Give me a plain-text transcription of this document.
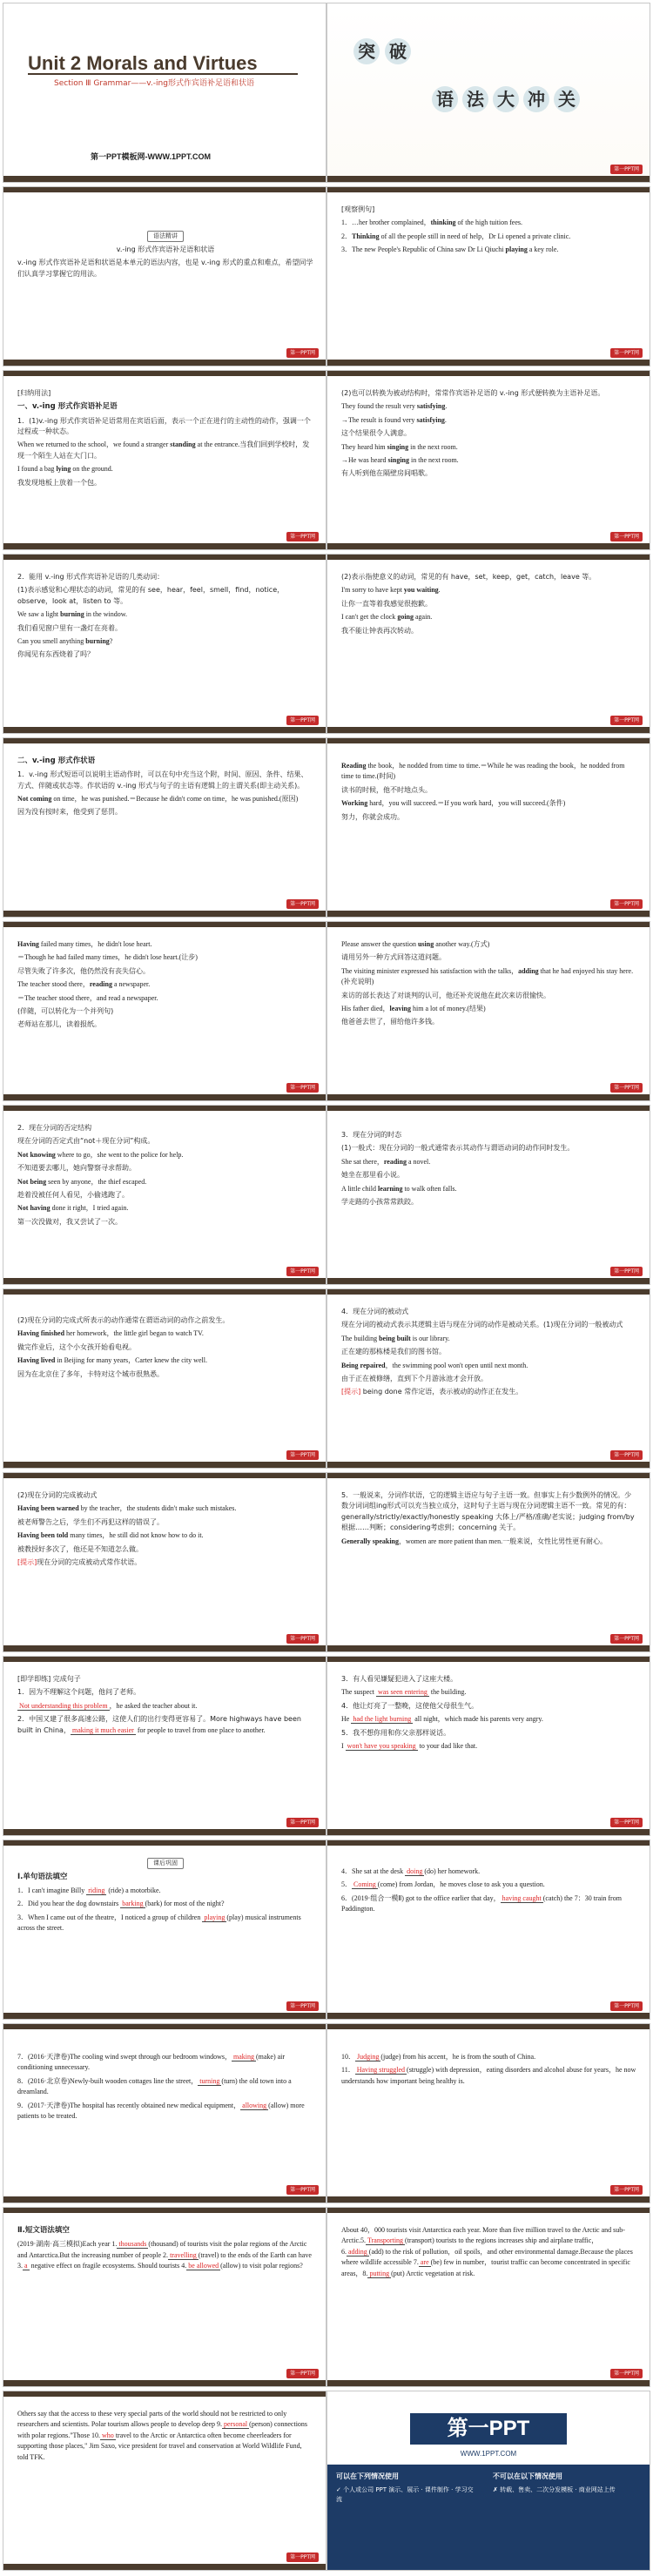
Unit 2 Morals and Virtues
Section Ⅲ Grammar——v.-ing形式作宾语补足语和状语
第一PPT模板网-WWW.1PPT.COM
突 破
语 法 大 冲 关
第一PPT网

语法精讲

v.-ing 形式作宾语补足语和状语

v.-ing 形式作宾语补足语和状语是本单元的语法内容，也是 v.-ing 形式的重点和难点，希望同学们认真学习掌握它的用法。

第一PPT网

[观察例句]

1．…her brother complained，thinking of the high tuition fees.

2．Thinking of all the people still in need of help，Dr Li opened a private clinic.

3．The new People's Republic of China saw Dr Li Qiuchi playing a key role.

第一PPT网

[归纳用法]

一、v.-ing 形式作宾语补足语

1．(1)v.-ing 形式作宾语补足语常用在宾语后面，表示一个正在进行的主动性的动作，强调一个过程或一种状态。

When we returned to the school，we found a stranger standing at the entrance.当我们回到学校时，发现一个陌生人站在大门口。

I found a bag lying on the ground.

我发现地板上放着一个包。

第一PPT网

(2)也可以转换为被动结构时，常常作宾语补足语的 v.-ing 形式便转换为主语补足语。

They found the result very satisfying.

→The result is found very satisfying.

这个结果很令人满意。

They heard him singing in the next room.

→He was heard singing in the next room.

有人听到他在隔壁房间唱歌。

第一PPT网

2．能用 v.-ing 形式作宾语补足语的几类动词：

(1)表示感觉和心理状态的动词，常见的有 see，hear，feel，smell，find，notice，observe，look at，listen to 等。

We saw a light burning in the window.

我们看见窗户里有一盏灯在亮着。

Can you smell anything burning?

你闻见有东西烧着了吗？

第一PPT网

(2)表示指使意义的动词，常见的有 have，set，keep，get，catch，leave 等。

I'm sorry to have kept you waiting.

让你一直等着我感觉很抱歉。

I can't get the clock going again.

我不能让钟表再次转动。

第一PPT网

二、v.-ing 形式作状语

1．v.-ing 形式短语可以说明主语动作时，可以在句中充当这个附，时间、原因、条件、结果、方式、伴随或状态等。作状语的 v.-ing 形式与句子的主语有逻辑上的主谓关系(即主动关系)。

Not coming on time，he was punished.＝Because he didn't come on time，he was punished.(原因)

因为没有按时来，他受到了惩罚。

第一PPT网

Reading the book，he nodded from time to time.＝While he was reading the book，he nodded from time to time.(时间)

读书的时候，他不时地点头。

Working hard，you will succeed.＝If you work hard，you will succeed.(条件)

努力，你就会成功。

第一PPT网

Having failed many times，he didn't lose heart.

＝Though he had failed many times，he didn't lose heart.(让步)

尽管失败了许多次，他仍然没有丧失信心。

The teacher stood there，reading a newspaper.

＝The teacher stood there，and read a newspaper.

(伴随，可以转化为一个并列句)

老师站在那儿，读着报纸。

第一PPT网

Please answer the question using another way.(方式)

请用另外一种方式回答这道问题。

The visiting minister expressed his satisfaction with the talks，adding that he had enjoyed his stay here.(补充说明)

来访的部长表达了对谈判的认可，他还补充说他在此次来访很愉快。

His father died，leaving him a lot of money.(结果)

他爸爸去世了，留给他许多钱。

第一PPT网

2．现在分词的否定结构

现在分词的否定式由“not＋现在分词”构成。

Not knowing where to go，she went to the police for help.

不知道要去哪儿，她向警察寻求帮助。

Not being seen by anyone，the thief escaped.

趁着没被任何人看见，小偷逃跑了。

Not having done it right，I tried again.

第一次没做对，我又尝试了一次。

第一PPT网

3．现在分词的时态

(1)一般式：现在分词的一般式通常表示其动作与谓语动词的动作同时发生。

She sat there，reading a novel.

她坐在那里看小说。

A little child learning to walk often falls.

学走路的小孩常常跌跤。

第一PPT网

(2)现在分词的完成式所表示的动作通常在谓语动词的动作之前发生。

Having finished her homework，the little girl began to watch TV.

做完作业后，这个小女孩开始看电视。

Having lived in Beijing for many years，Carter knew the city well.

因为在北京住了多年，卡特对这个城市很熟悉。

第一PPT网

4．现在分词的被动式

现在分词的被动式表示其逻辑主语与现在分词的动作是被动关系。(1)现在分词的一般被动式

The building being built is our library.

正在建的那栋楼是我们的图书馆。

Being repaired，the swimming pool won't open until next month.

由于正在被修缮，直到下个月游泳池才会开放。

[提示] being done 常作定语，表示被动的动作正在发生。

第一PPT网

(2)现在分词的完成被动式

Having been warned by the teacher，the students didn't make such mistakes.

被老师警告之后，学生们不再犯这样的错误了。

Having been told many times，he still did not know how to do it.

被教授好多次了，他还是不知道怎么做。

[提示]现在分词的完成被动式常作状语。

第一PPT网

5．一般说来，分词作状语，它的逻辑主语应与句子主语一致。但事实上有少数例外的情况。少数分词词组ing形式可以充当独立成分，这时句子主语与现在分词逻辑主语不一致。常见的有：generally/strictly/exactly/honestly speaking 大体上/严格/准确/老实说；judging from/by根据……判断；considering考虑到；concerning 关于。

Generally speaking，women are more patient than men.一般来说，女性比男性更有耐心。

第一PPT网

[即学即练] 完成句子

1．因为不理解这个问题，他问了老师。

Not understanding this problem ，he asked the teacher about it.

2．中国又建了很多高速公路，这使人们的出行变得更容易了。More highways have been built in China， making it much easier for people to travel from one place to another.

第一PPT网

3．有人看见嫌疑犯进入了这座大楼。

The suspect was seen entering the building.

4．他让灯亮了一整晚，这使他父母很生气。

He had the light burning all night，which made his parents very angry.

5．我不想你用和你父亲那样说话。

I won't have you speaking to your dad like that.

第一PPT网

课后巩固

Ⅰ.单句语法填空

1．I can't imagine Billy riding (ride) a motorbike.

2．Did you hear the dog downstairs barking (bark) for most of the night?

3．When I came out of the theatre，I noticed a group of children playing (play) musical instruments across the street.

第一PPT网

4．She sat at the desk doing (do) her homework.

5． Coming (come) from Jordan，he moves close to ask you a question.

6．(2019·组合一模Ⅱ) got to the office earlier that day， having caught (catch) the 7：30 train from Paddington.

第一PPT网

7．(2016·天津卷)The cooling wind swept through our bedroom windows， making (make) air conditioning unnecessary.

8．(2016·北京卷)Newly-built wooden cottages line the street， turning (turn) the old town into a dreamland.

9．(2017·天津卷)The hospital has recently obtained new medical equipment， allowing (allow) more patients to be treated.

第一PPT网

10． Judging (judge) from his accent，he is from the south of China.

11． Having struggled (struggle) with depression，eating disorders and alcohol abuse for years，he now understands how important being healthy is.

第一PPT网

Ⅱ.短文语法填空

(2019·湖南·高三模拟)Each year 1. thousands (thousand) of tourists visit the polar regions of the Arctic and Antarctica.But the increasing number of people 2. travelling (travel) to the ends of the Earth can have 3. a negative effect on fragile ecosystems. Should tourists 4. be allowed (allow) to visit polar regions?

第一PPT网

About 40，000 tourists visit Antarctica each year. More than five million travel to the Arctic and sub-Arctic.5. Transporting (transport) tourists to the regions increases ship and airplane traffic，6. adding (add) to the risk of pollution，oil spoils，and other environmental damage.Because the places where wildlife accessible 7. are (be) few in number，tourist traffic can become concentrated in specific areas，8. putting (put) Arctic vegetation at risk.

第一PPT网

Others say that the access to these very special parts of the world should not be restricted to only researchers and scientists. Polar tourism allows people to develop deep 9. personal (person) connections with polar regions."Those 10. who travel to the Arctic or Antarctica often become cheerleaders for supporting those places," Jim Saxo, vice president for travel and conservation at World Wildlife Fund, told TFK.

第一PPT网
第一PPT
WWW.1PPT.COM
可以在下列情况使用
✓ 个人或公司 PPT 演示、展示 · 课件制作 · 学习交流
不可以在以下情况使用
✗ 转载、售卖、二次分发模板 · 商业网站上传
